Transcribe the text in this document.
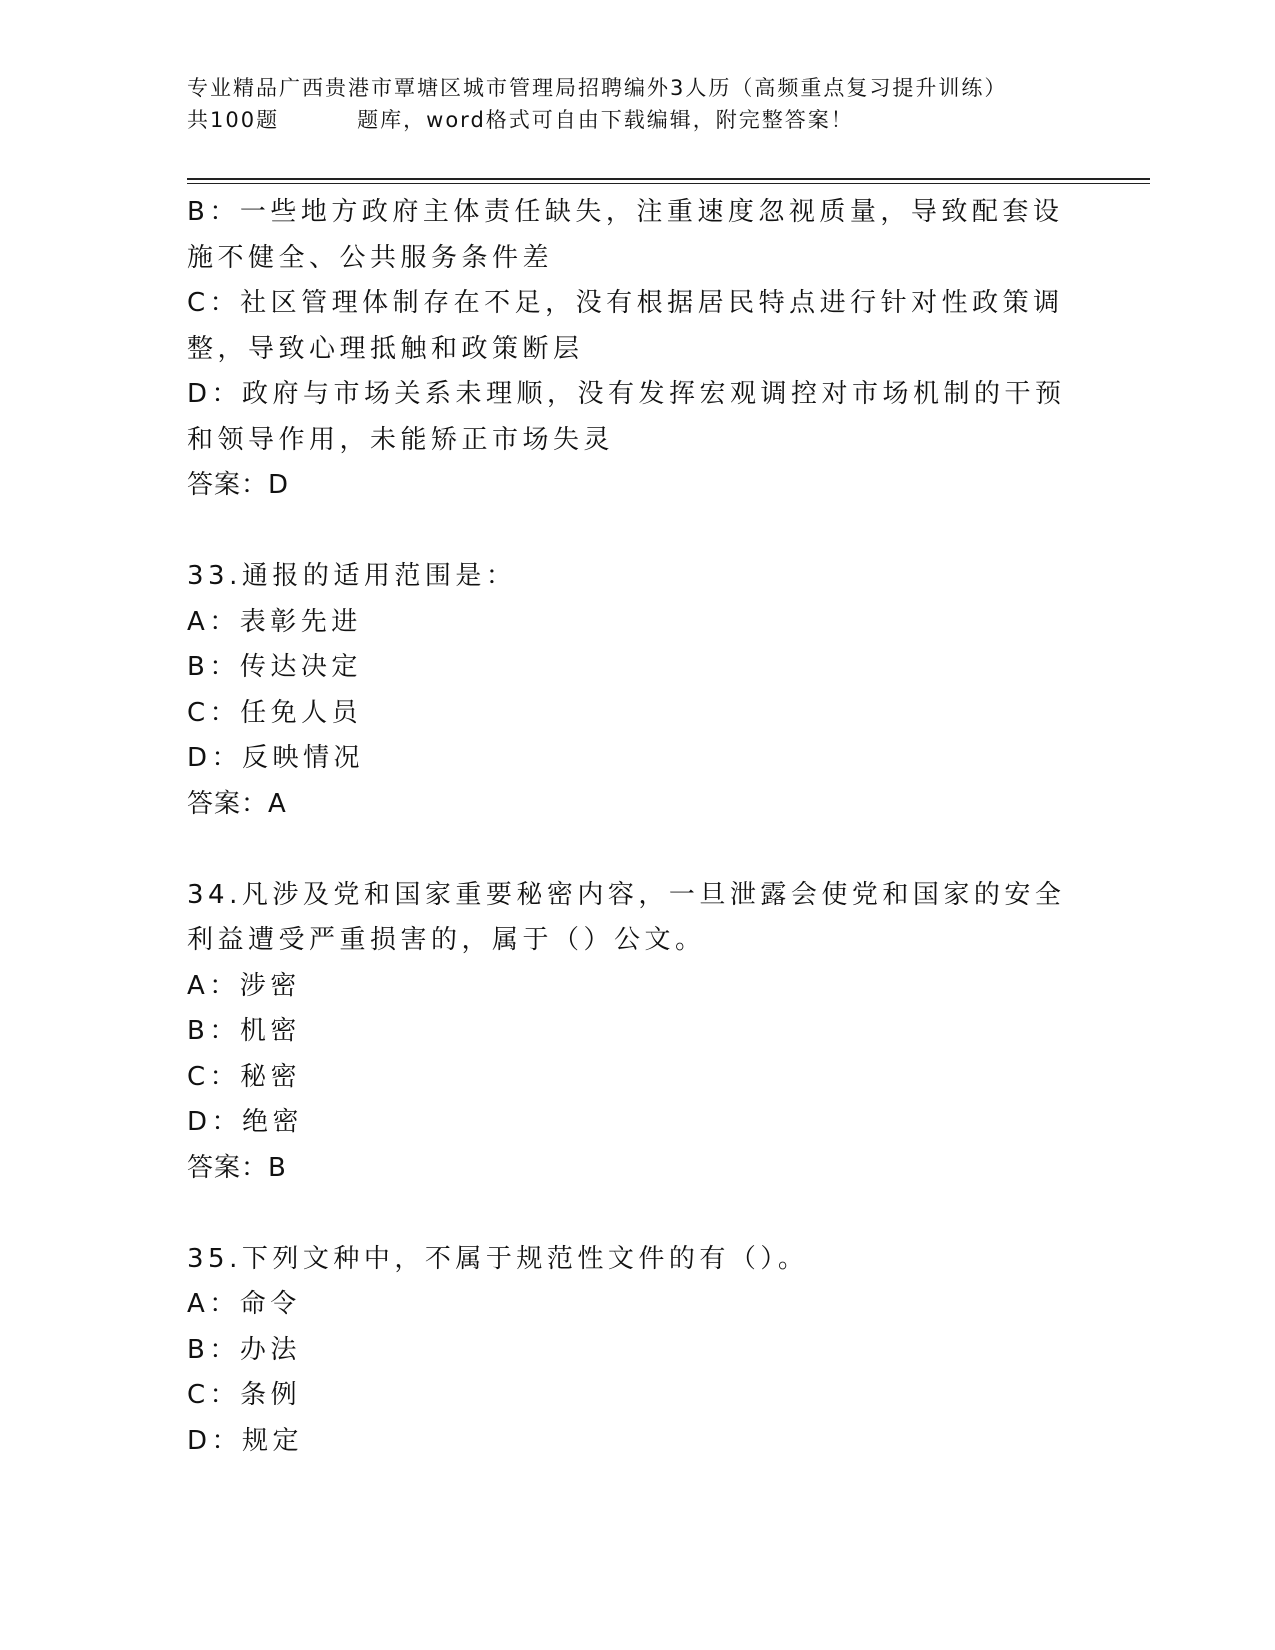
专业精品广西贵港市覃塘区城市管理局招聘编外3人历（高频重点复习提升训练）
共100题         题库，word格式可自由下载编辑，附完整答案！

B：一些地方政府主体责任缺失，注重速度忽视质量，导致配套设施不健全、公共服务条件差

C：社区管理体制存在不足，没有根据居民特点进行针对性政策调整，导致心理抵触和政策断层

D：政府与市场关系未理顺，没有发挥宏观调控对市场机制的干预和领导作用，未能矫正市场失灵

答案：D

33.通报的适用范围是：

A：表彰先进

B：传达决定

C：任免人员

D：反映情况

答案：A

34.凡涉及党和国家重要秘密内容，一旦泄露会使党和国家的安全利益遭受严重损害的，属于（）公文。

A：涉密

B：机密

C：秘密

D：绝密

答案：B

35.下列文种中，不属于规范性文件的有（）。

A：命令

B：办法

C：条例

D：规定
